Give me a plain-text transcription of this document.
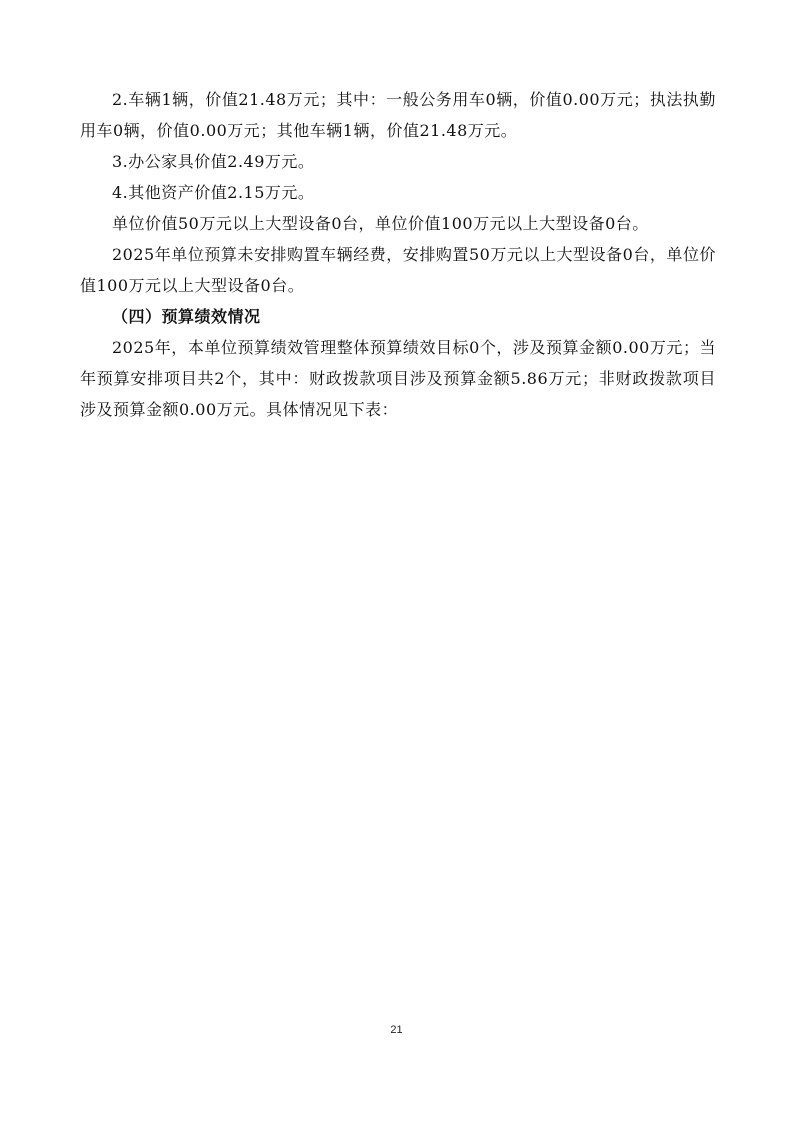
2.车辆1辆，价值21.48万元；其中：一般公务用车0辆，价值0.00万元；执法执勤用车0辆，价值0.00万元；其他车辆1辆，价值21.48万元。

3.办公家具价值2.49万元。

4.其他资产价值2.15万元。

单位价值50万元以上大型设备0台，单位价值100万元以上大型设备0台。

2025年单位预算未安排购置车辆经费，安排购置50万元以上大型设备0台，单位价值100万元以上大型设备0台。

（四）预算绩效情况

2025年，本单位预算绩效管理整体预算绩效目标0个，涉及预算金额0.00万元；当年预算安排项目共2个，其中：财政拨款项目涉及预算金额5.86万元；非财政拨款项目涉及预算金额0.00万元。具体情况见下表：

21
